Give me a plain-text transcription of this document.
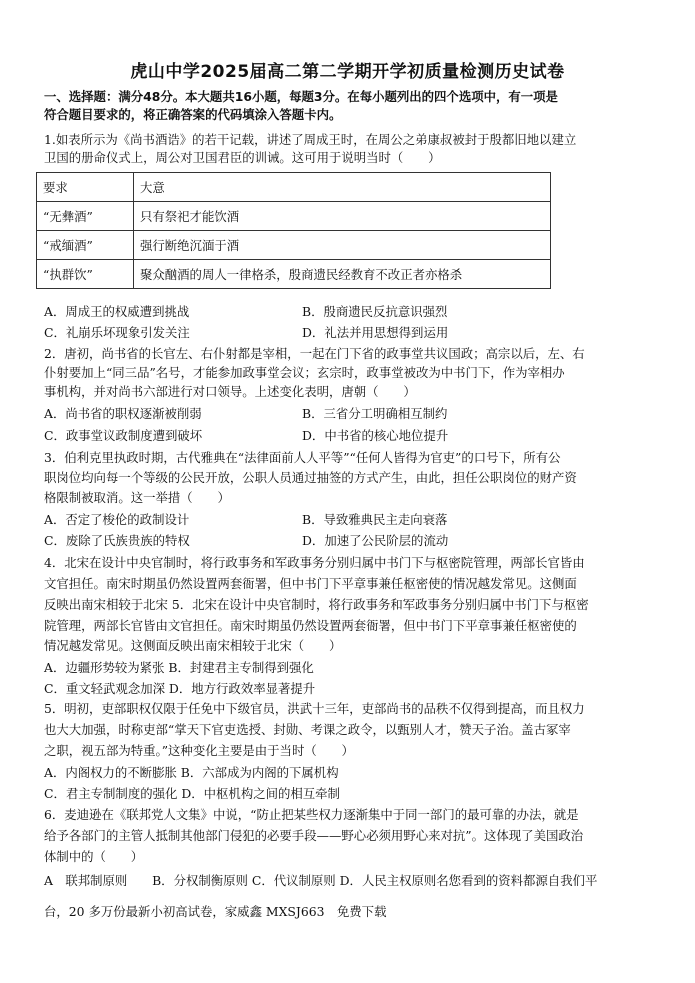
虎山中学2025届高二第二学期开学初质量检测历史试卷
一、选择题：满分48分。本大题共16小题，每题3分。在每小题列出的四个选项中，有一项是
符合题目要求的，将正确答案的代码填涂入答题卡内。
1.如表所示为《尚书酒诰》的若干记载，讲述了周成王时，在周公之弟康叔被封于殷都旧地以建立
卫国的册命仪式上，周公对卫国君臣的训诫。这可用于说明当时（　　）
要求	大意
“无彝酒”	只有祭祀才能饮酒
“戒缅酒”	强行断绝沉湎于酒
“执群饮”	聚众酗酒的周人一律格杀，殷商遗民经教育不改正者亦格杀
A．周成王的权威遭到挑战	B．殷商遗民反抗意识强烈
C．礼崩乐坏现象引发关注	D．礼法并用思想得到运用
2．唐初，尚书省的长官左、右仆射都是宰相，一起在门下省的政事堂共议国政；高宗以后，左、右
仆射要加上“同三品”名号，才能参加政事堂会议；玄宗时，政事堂被改为中书门下，作为宰相办
事机构，并对尚书六部进行对口领导。上述变化表明，唐朝（　　）
A．尚书省的职权逐渐被削弱	B．三省分工明确相互制约
C．政事堂议政制度遭到破坏	D．中书省的核心地位提升
3．伯利克里执政时期，古代雅典在“法律面前人人平等”“任何人皆得为官吏”的口号下，所有公
职岗位均向每一个等级的公民开放，公职人员通过抽签的方式产生，由此，担任公职岗位的财产资
格限制被取消。这一举措（　　）
A．否定了梭伦的政制设计	B．导致雅典民主走向衰落
C．废除了氏族贵族的特权	D．加速了公民阶层的流动
4．北宋在设计中央官制时，将行政事务和军政事务分别归属中书门下与枢密院管理，两部长官皆由
文官担任。南宋时期虽仍然设置两套衙署，但中书门下平章事兼任枢密使的情况越发常见。这侧面
反映出南宋相较于北宋 5．北宋在设计中央官制时，将行政事务和军政事务分别归属中书门下与枢密
院管理，两部长官皆由文官担任。南宋时期虽仍然设置两套衙署，但中书门下平章事兼任枢密使的
情况越发常见。这侧面反映出南宋相较于北宋（　　）
A．边疆形势较为紧张 B．封建君主专制得到强化
C．重文轻武观念加深 D．地方行政效率显著提升
5．明初，吏部职权仅限于任免中下级官员，洪武十三年，吏部尚书的品秩不仅得到提高，而且权力
也大大加强，时称吏部“掌天下官吏选授、封勋、考课之政令，以甄别人才，赞天子治。盖古冢宰
之职，视五部为特重。”这种变化主要是由于当时（　　）
A．内阁权力的不断膨胀 B．六部成为内阁的下属机构
C．君主专制制度的强化 D．中枢机构之间的相互牵制
6．麦迪逊在《联邦党人文集》中说，“防止把某些权力逐渐集中于同一部门的最可靠的办法，就是
给予各部门的主管人抵制其他部门侵犯的必要手段——野心必须用野心来对抗”。这体现了美国政治
体制中的（　　）
A　联邦制原则　　B．分权制衡原则 C．代议制原则 D．人民主权原则名您看到的资料都源自我们平
台，20 多万份最新小初高试卷，家威鑫 MXSJ663　免费下载
